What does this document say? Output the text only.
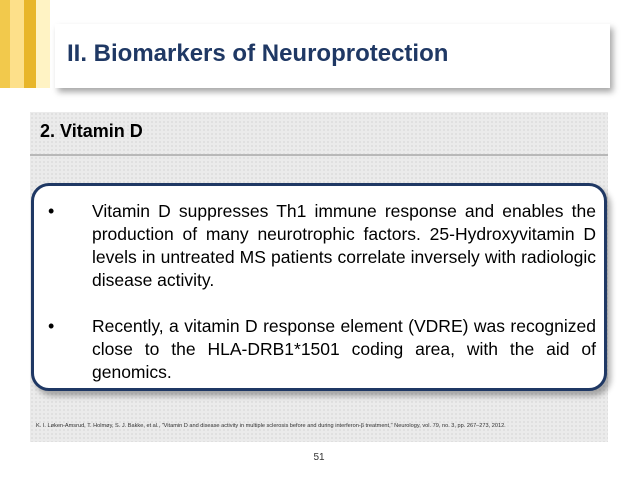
II. Biomarkers of Neuroprotection
2. Vitamin D
• Vitamin D suppresses Th1 immune response and enables the production of many neurotrophic factors. 25-Hydroxyvitamin D levels in untreated MS patients correlate inversely with radiologic disease activity.
• Recently, a vitamin D response element (VDRE) was recognized close to the HLA-DRB1*1501 coding area, with the aid of genomics.
K. I. Løken-Amsrud, T. Holmøy, S. J. Bakke, et al., "Vitamin D and disease activity in multiple sclerosis before and during interferon-β treatment," Neurology, vol. 79, no. 3, pp. 267–273, 2012.
51
